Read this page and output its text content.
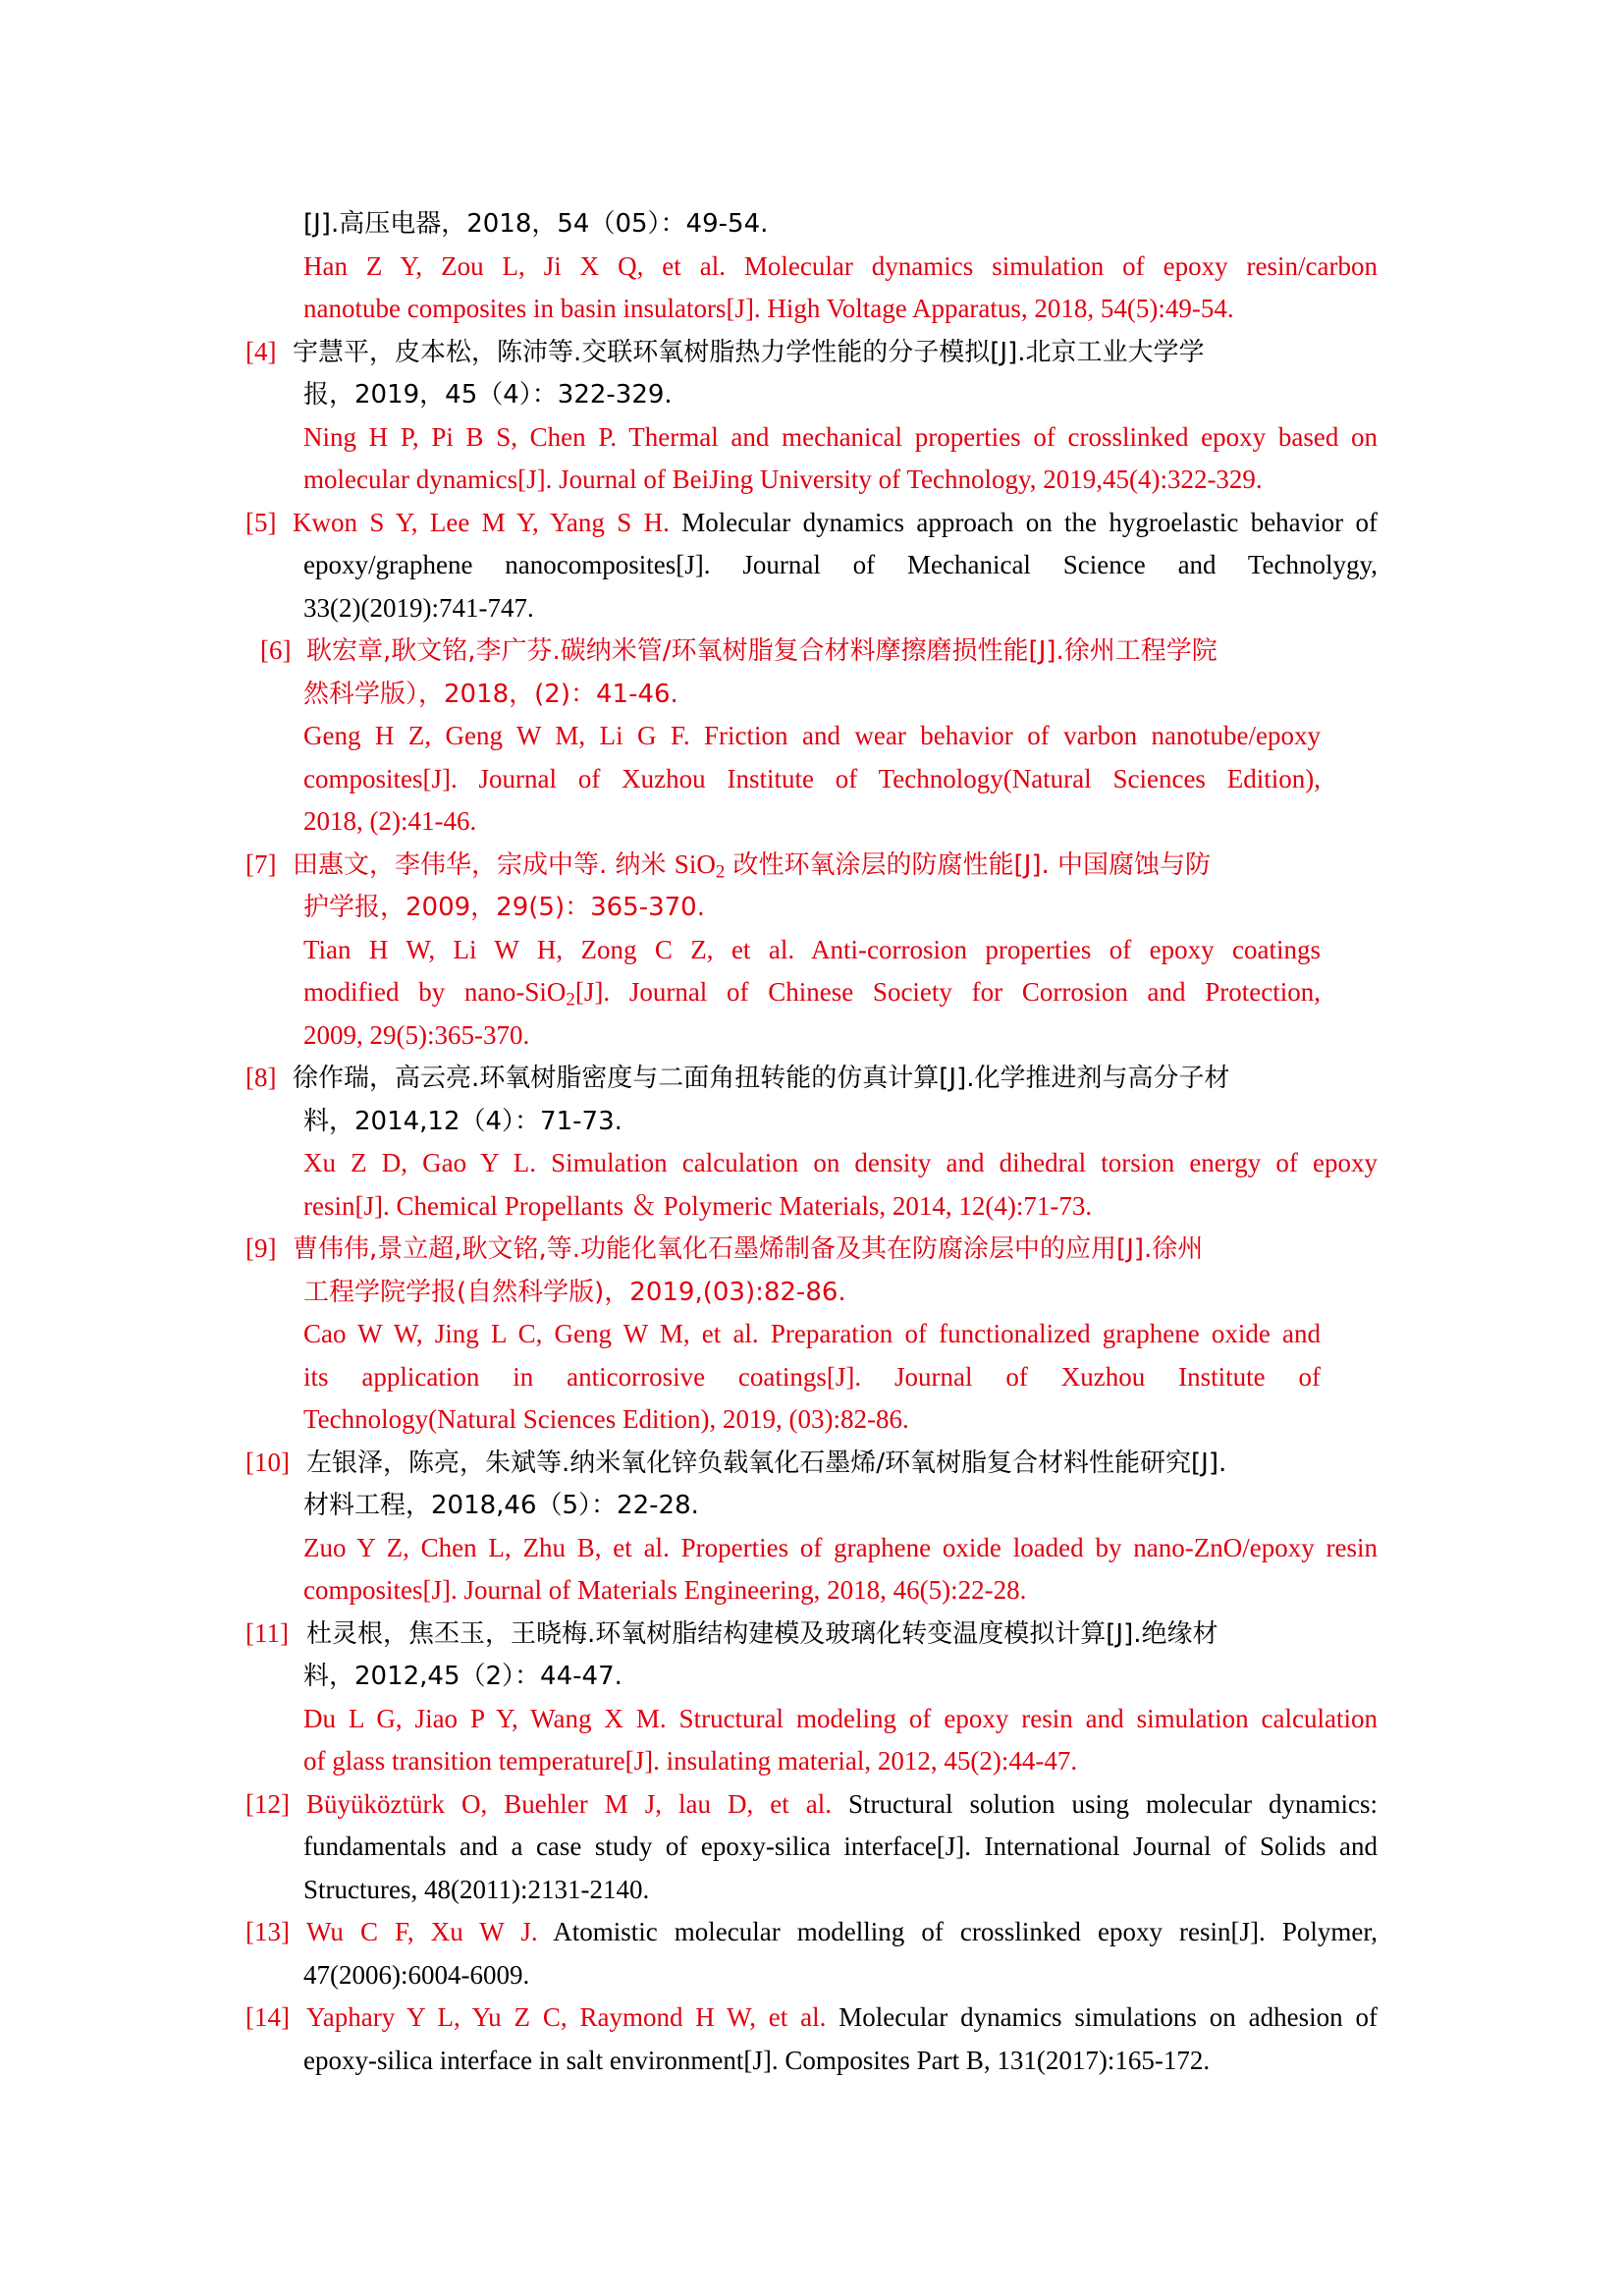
[J].高压电器，2018，54（05）：49-54.
Han Z Y, Zou L, Ji X Q, et al. Molecular dynamics simulation of epoxy resin/carbon
nanotube composites in basin insulators[J]. High Voltage Apparatus, 2018, 54(5):49-54.
[4] 宇慧平，皮本松，陈沛等.交联环氧树脂热力学性能的分子模拟[J].北京工业大学学
报，2019，45（4）：322-329.
Ning H P, Pi B S, Chen P. Thermal and mechanical properties of crosslinked epoxy based on
molecular dynamics[J]. Journal of BeiJing University of Technology, 2019,45(4):322-329.
[5] Kwon S Y, Lee M Y, Yang S H. Molecular dynamics approach on the hygroelastic behavior of
epoxy/graphene nanocomposites[J]. Journal of Mechanical Science and Technolygy,
33(2)(2019):741-747.
[6] 耿宏章,耿文铭,李广芬.碳纳米管/环氧树脂复合材料摩擦磨损性能[J].徐州工程学院
然科学版），2018，(2)：41-46.
Geng H Z, Geng W M, Li G F. Friction and wear behavior of varbon nanotube/epoxy
composites[J]. Journal of Xuzhou Institute of Technology(Natural Sciences Edition),
2018, (2):41-46.
[7] 田惠文，李伟华，宗成中等. 纳米 SiO$_2$ 改性环氧涂层的防腐性能[J]. 中国腐蚀与防
护学报，2009，29(5)：365-370.
Tian H W, Li W H, Zong C Z, et al. Anti-corrosion properties of epoxy coatings
modified by nano-SiO$_2$[J]. Journal of Chinese Society for Corrosion and Protection,
2009, 29(5):365-370.
[8] 徐作瑞，高云亮.环氧树脂密度与二面角扭转能的仿真计算[J].化学推进剂与高分子材
料，2014,12（4）：71-73.
Xu Z D, Gao Y L. Simulation calculation on density and dihedral torsion energy of epoxy
resin[J]. Chemical Propellants ＆ Polymeric Materials, 2014, 12(4):71-73.
[9] 曹伟伟,景立超,耿文铭,等.功能化氧化石墨烯制备及其在防腐涂层中的应用[J].徐州
工程学院学报(自然科学版)，2019,(03):82-86.
Cao W W, Jing L C, Geng W M, et al. Preparation of functionalized graphene oxide and
its application in anticorrosive coatings[J]. Journal of Xuzhou Institute of
Technology(Natural Sciences Edition), 2019, (03):82-86.
[10] 左银泽，陈亮，朱斌等.纳米氧化锌负载氧化石墨烯/环氧树脂复合材料性能研究[J].
材料工程，2018,46（5）：22-28.
Zuo Y Z, Chen L, Zhu B, et al. Properties of graphene oxide loaded by nano-ZnO/epoxy resin
composites[J]. Journal of Materials Engineering, 2018, 46(5):22-28.
[11] 杜灵根，焦丕玉，王晓梅.环氧树脂结构建模及玻璃化转变温度模拟计算[J].绝缘材
料，2012,45（2）：44-47.
Du L G, Jiao P Y, Wang X M. Structural modeling of epoxy resin and simulation calculation
of glass transition temperature[J]. insulating material, 2012, 45(2):44-47.
[12] Büyüköztürk O, Buehler M J, lau D, et al. Structural solution using molecular dynamics:
fundamentals and a case study of epoxy-silica interface[J]. International Journal of Solids and
Structures, 48(2011):2131-2140.
[13] Wu C F, Xu W J. Atomistic molecular modelling of crosslinked epoxy resin[J]. Polymer,
47(2006):6004-6009.
[14] Yaphary Y L, Yu Z C, Raymond H W, et al. Molecular dynamics simulations on adhesion of
epoxy-silica interface in salt environment[J]. Composites Part B, 131(2017):165-172.
